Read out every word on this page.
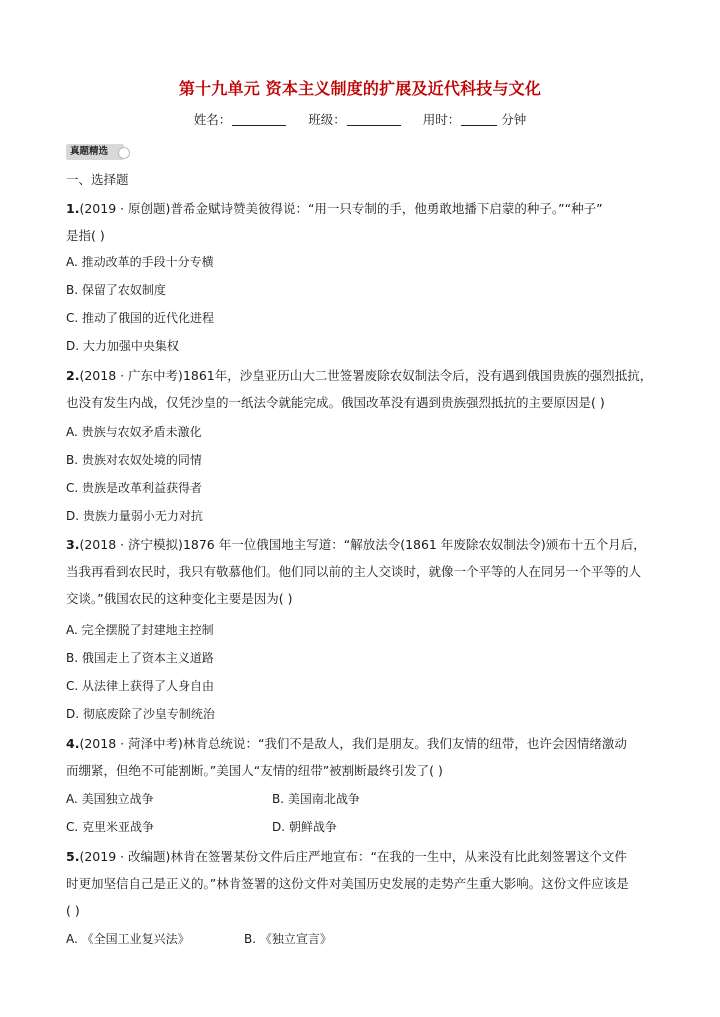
第十九单元 资本主义制度的扩展及近代科技与文化
姓名：	班级：	用时：	分钟
真题精选
一、选择题
1.(2019 · 原创题)普希金赋诗赞美彼得说：“用一只专制的手，他勇敢地播下启蒙的种子。”“种子”
是指( )
A. 推动改革的手段十分专横
B. 保留了农奴制度
C. 推动了俄国的近代化进程
D. 大力加强中央集权
2.(2018 · 广东中考)1861年，沙皇亚历山大二世签署废除农奴制法令后，没有遇到俄国贵族的强烈抵抗，
也没有发生内战，仅凭沙皇的一纸法令就能完成。俄国改革没有遇到贵族强烈抵抗的主要原因是( )
A. 贵族与农奴矛盾未激化
B. 贵族对农奴处境的同情
C. 贵族是改革利益获得者
D. 贵族力量弱小无力对抗
3.(2018 · 济宁模拟)1876 年一位俄国地主写道：“解放法令(1861 年废除农奴制法令)颁布十五个月后，
当我再看到农民时，我只有敬慕他们。他们同以前的主人交谈时，就像一个平等的人在同另一个平等的人
交谈。”俄国农民的这种变化主要是因为( )
A. 完全摆脱了封建地主控制
B. 俄国走上了资本主义道路
C. 从法律上获得了人身自由
D. 彻底废除了沙皇专制统治
4.(2018 · 菏泽中考)林肯总统说：“我们不是敌人，我们是朋友。我们友情的纽带，也许会因情绪激动
而绷紧，但绝不可能割断。”美国人“友情的纽带”被割断最终引发了( )
A. 美国独立战争	B. 美国南北战争
C. 克里米亚战争	D. 朝鲜战争
5.(2019 · 改编题)林肯在签署某份文件后庄严地宣布：“在我的一生中，从来没有比此刻签署这个文件
时更加坚信自己是正义的。”林肯签署的这份文件对美国历史发展的走势产生重大影响。这份文件应该是
( )
A. 《全国工业复兴法》	B. 《独立宣言》
